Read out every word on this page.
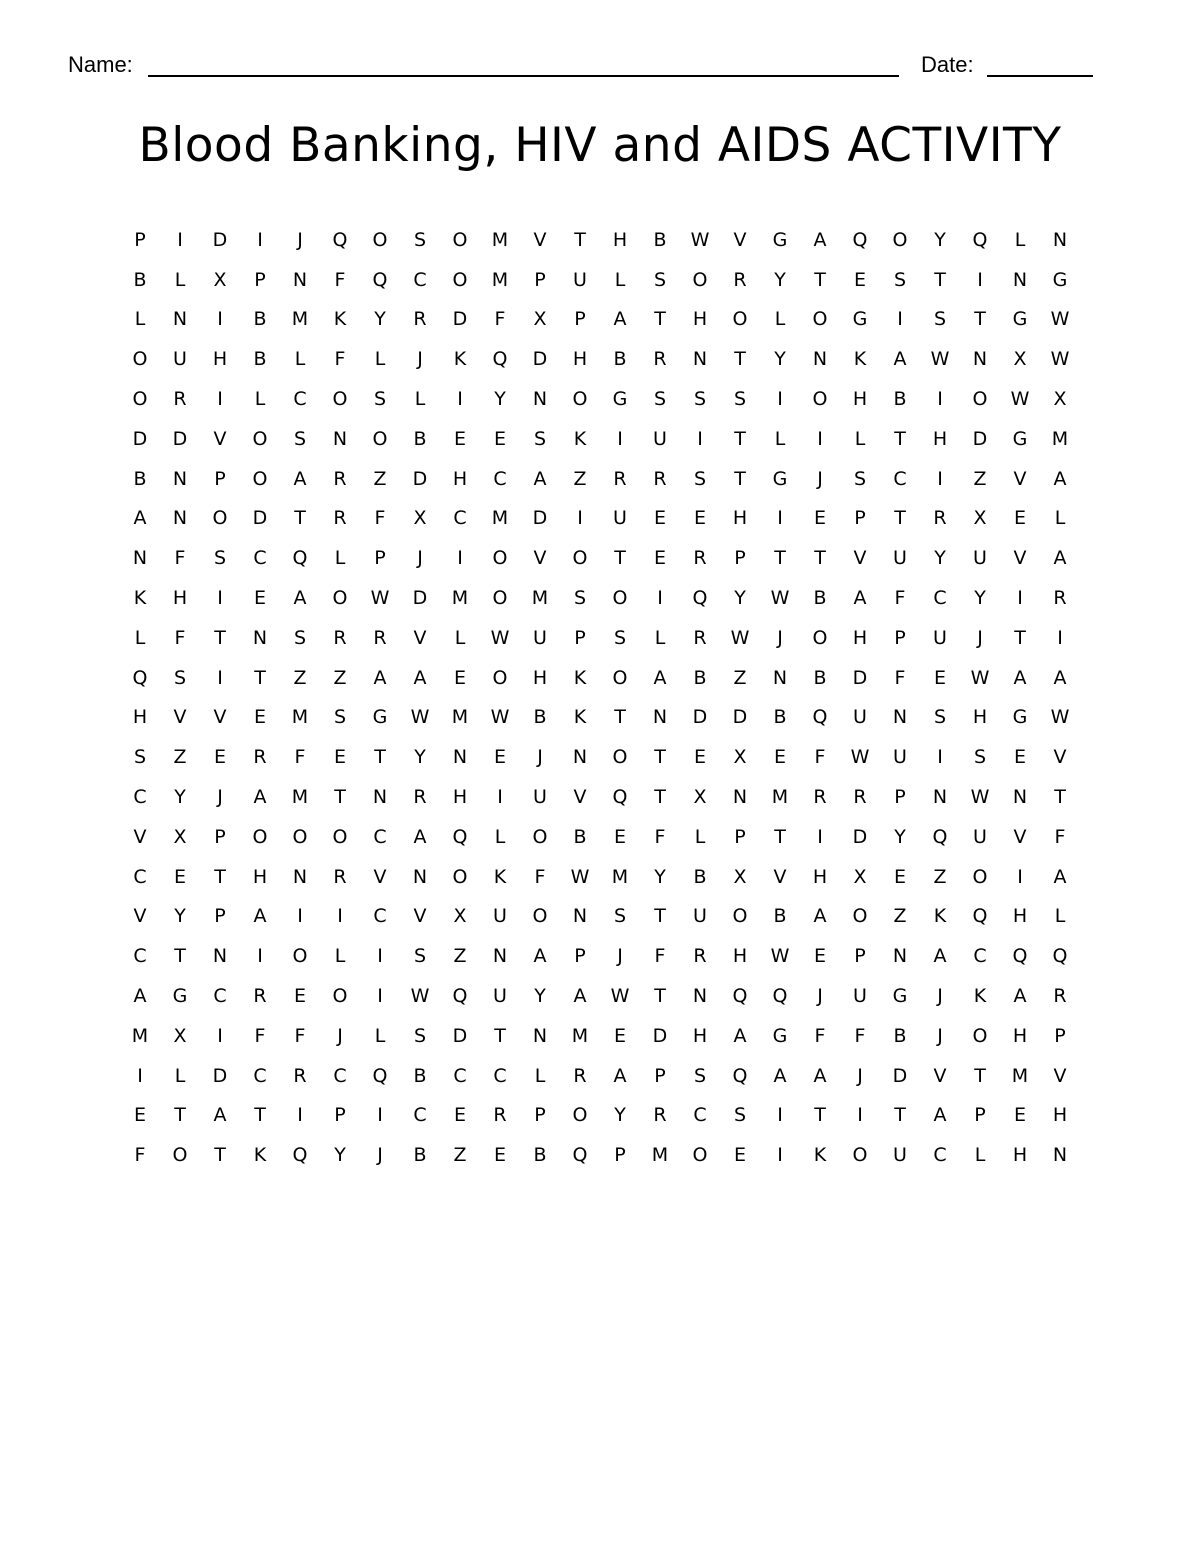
Name:	Date:
Blood Banking, HIV and AIDS ACTIVITY
P	I	D	I	J	Q	O	S	O	M	V	T	H	B	W	V	G	A	Q	O	Y	Q	L	N
B	L	X	P	N	F	Q	C	O	M	P	U	L	S	O	R	Y	T	E	S	T	I	N	G
L	N	I	B	M	K	Y	R	D	F	X	P	A	T	H	O	L	O	G	I	S	T	G	W
O	U	H	B	L	F	L	J	K	Q	D	H	B	R	N	T	Y	N	K	A	W	N	X	W
O	R	I	L	C	O	S	L	I	Y	N	O	G	S	S	S	I	O	H	B	I	O	W	X
D	D	V	O	S	N	O	B	E	E	S	K	I	U	I	T	L	I	L	T	H	D	G	M
B	N	P	O	A	R	Z	D	H	C	A	Z	R	R	S	T	G	J	S	C	I	Z	V	A
A	N	O	D	T	R	F	X	C	M	D	I	U	E	E	H	I	E	P	T	R	X	E	L
N	F	S	C	Q	L	P	J	I	O	V	O	T	E	R	P	T	T	V	U	Y	U	V	A
K	H	I	E	A	O	W	D	M	O	M	S	O	I	Q	Y	W	B	A	F	C	Y	I	R
L	F	T	N	S	R	R	V	L	W	U	P	S	L	R	W	J	O	H	P	U	J	T	I
Q	S	I	T	Z	Z	A	A	E	O	H	K	O	A	B	Z	N	B	D	F	E	W	A	A
H	V	V	E	M	S	G	W	M	W	B	K	T	N	D	D	B	Q	U	N	S	H	G	W
S	Z	E	R	F	E	T	Y	N	E	J	N	O	T	E	X	E	F	W	U	I	S	E	V
C	Y	J	A	M	T	N	R	H	I	U	V	Q	T	X	N	M	R	R	P	N	W	N	T
V	X	P	O	O	O	C	A	Q	L	O	B	E	F	L	P	T	I	D	Y	Q	U	V	F
C	E	T	H	N	R	V	N	O	K	F	W	M	Y	B	X	V	H	X	E	Z	O	I	A
V	Y	P	A	I	I	C	V	X	U	O	N	S	T	U	O	B	A	O	Z	K	Q	H	L
C	T	N	I	O	L	I	S	Z	N	A	P	J	F	R	H	W	E	P	N	A	C	Q	Q
A	G	C	R	E	O	I	W	Q	U	Y	A	W	T	N	Q	Q	J	U	G	J	K	A	R
M	X	I	F	F	J	L	S	D	T	N	M	E	D	H	A	G	F	F	B	J	O	H	P
I	L	D	C	R	C	Q	B	C	C	L	R	A	P	S	Q	A	A	J	D	V	T	M	V
E	T	A	T	I	P	I	C	E	R	P	O	Y	R	C	S	I	T	I	T	A	P	E	H
F	O	T	K	Q	Y	J	B	Z	E	B	Q	P	M	O	E	I	K	O	U	C	L	H	N
